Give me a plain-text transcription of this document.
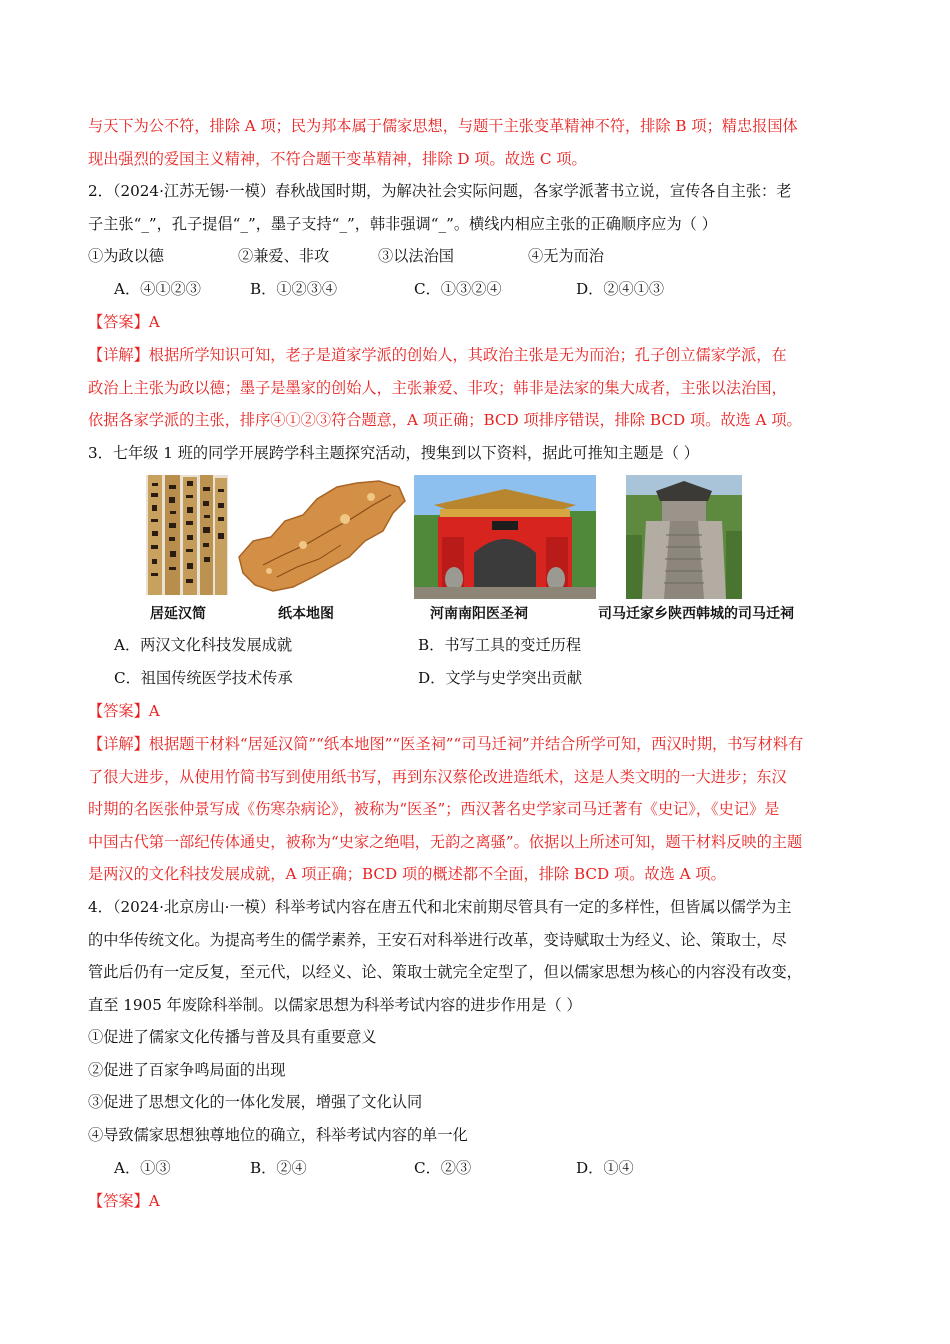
与天下为公不符，排除 A 项；民为邦本属于儒家思想，与题干主张变革精神不符，排除 B 项；精忠报国体
现出强烈的爱国主义精神，不符合题干变革精神，排除 D 项。故选 C 项。
2．（2024·江苏无锡·一模）春秋战国时期，为解决社会实际问题，各家学派著书立说，宣传各自主张：老
子主张“_”，孔子提倡“_”，墨子支持“_”，韩非强调“_”。横线内相应主张的正确顺序应为（ ）
①为政以德	②兼爱、非攻	③以法治国	④无为而治
A．④①②③	B．①②③④	C．①③②④	D．②④①③
【答案】A
【详解】根据所学知识可知，老子是道家学派的创始人，其政治主张是无为而治；孔子创立儒家学派，在
政治上主张为政以德；墨子是墨家的创始人，主张兼爱、非攻；韩非是法家的集大成者，主张以法治国，
依据各家学派的主张，排序④①②③符合题意，A 项正确；BCD 项排序错误，排除 BCD 项。故选 A 项。
3．七年级 1 班的同学开展跨学科主题探究活动，搜集到以下资料，据此可推知主题是（ ）
居延汉简	纸本地图	河南南阳医圣祠	司马迁家乡陕西韩城的司马迁祠
A．两汉文化科技发展成就	B．书写工具的变迁历程
C．祖国传统医学技术传承	D．文学与史学突出贡献
【答案】A
【详解】根据题干材料“居延汉简”“纸本地图”“医圣祠”“司马迁祠”并结合所学可知，西汉时期，书写材料有
了很大进步，从使用竹简书写到使用纸书写，再到东汉蔡伦改进造纸术，这是人类文明的一大进步；东汉
时期的名医张仲景写成《伤寒杂病论》，被称为“医圣”；西汉著名史学家司马迁著有《史记》，《史记》是
中国古代第一部纪传体通史，被称为“史家之绝唱，无韵之离骚”。依据以上所述可知，题干材料反映的主题
是两汉的文化科技发展成就，A 项正确；BCD 项的概述都不全面，排除 BCD 项。故选 A 项。
4．（2024·北京房山·一模）科举考试内容在唐五代和北宋前期尽管具有一定的多样性，但皆属以儒学为主
的中华传统文化。为提高考生的儒学素养，王安石对科举进行改革，变诗赋取士为经义、论、策取士，尽
管此后仍有一定反复，至元代，以经义、论、策取士就完全定型了，但以儒家思想为核心的内容没有改变，
直至 1905 年废除科举制。以儒家思想为科举考试内容的进步作用是（ ）
①促进了儒家文化传播与普及具有重要意义
②促进了百家争鸣局面的出现
③促进了思想文化的一体化发展，增强了文化认同
④导致儒家思想独尊地位的确立，科举考试内容的单一化
A．①③	B．②④	C．②③	D．①④
【答案】A
